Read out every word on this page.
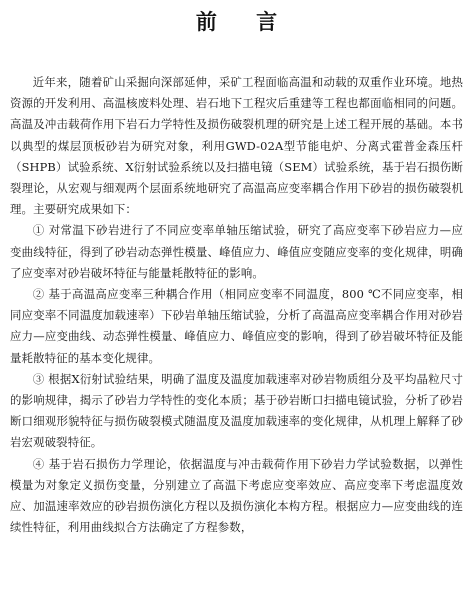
前 言

近年来，随着矿山采掘向深部延伸，采矿工程面临高温和动载的双重作业环境。地热资源的开发利用、高温核废料处理、岩石地下工程灾后重建等工程也都面临相同的问题。高温及冲击载荷作用下岩石力学特性及损伤破裂机理的研究是上述工程开展的基础。本书以典型的煤层顶板砂岩为研究对象，利用GWD-02A型节能电炉、分离式霍普金森压杆（SHPB）试验系统、X衍射试验系统以及扫描电镜（SEM）试验系统，基于岩石损伤断裂理论，从宏观与细观两个层面系统地研究了高温高应变率耦合作用下砂岩的损伤破裂机理。主要研究成果如下：

① 对常温下砂岩进行了不同应变率单轴压缩试验，研究了高应变率下砂岩应力—应变曲线特征，得到了砂岩动态弹性模量、峰值应力、峰值应变随应变率的变化规律，明确了应变率对砂岩破坏特征与能量耗散特征的影响。

② 基于高温高应变率三种耦合作用（相同应变率不同温度，800 ℃不同应变率，相同应变率不同温度加载速率）下砂岩单轴压缩试验，分析了高温高应变率耦合作用对砂岩应力—应变曲线、动态弹性模量、峰值应力、峰值应变的影响，得到了砂岩破坏特征及能量耗散特征的基本变化规律。

③ 根据X衍射试验结果，明确了温度及温度加载速率对砂岩物质组分及平均晶粒尺寸的影响规律，揭示了砂岩力学特性的变化本质；基于砂岩断口扫描电镜试验，分析了砂岩断口细观形貌特征与损伤破裂模式随温度及温度加载速率的变化规律，从机理上解释了砂岩宏观破裂特征。

④ 基于岩石损伤力学理论，依据温度与冲击载荷作用下砂岩力学试验数据，以弹性模量为对象定义损伤变量，分别建立了高温下考虑应变率效应、高应变率下考虑温度效应、加温速率效应的砂岩损伤演化方程以及损伤演化本构方程。根据应力—应变曲线的连续性特征，利用曲线拟合方法确定了方程参数，
